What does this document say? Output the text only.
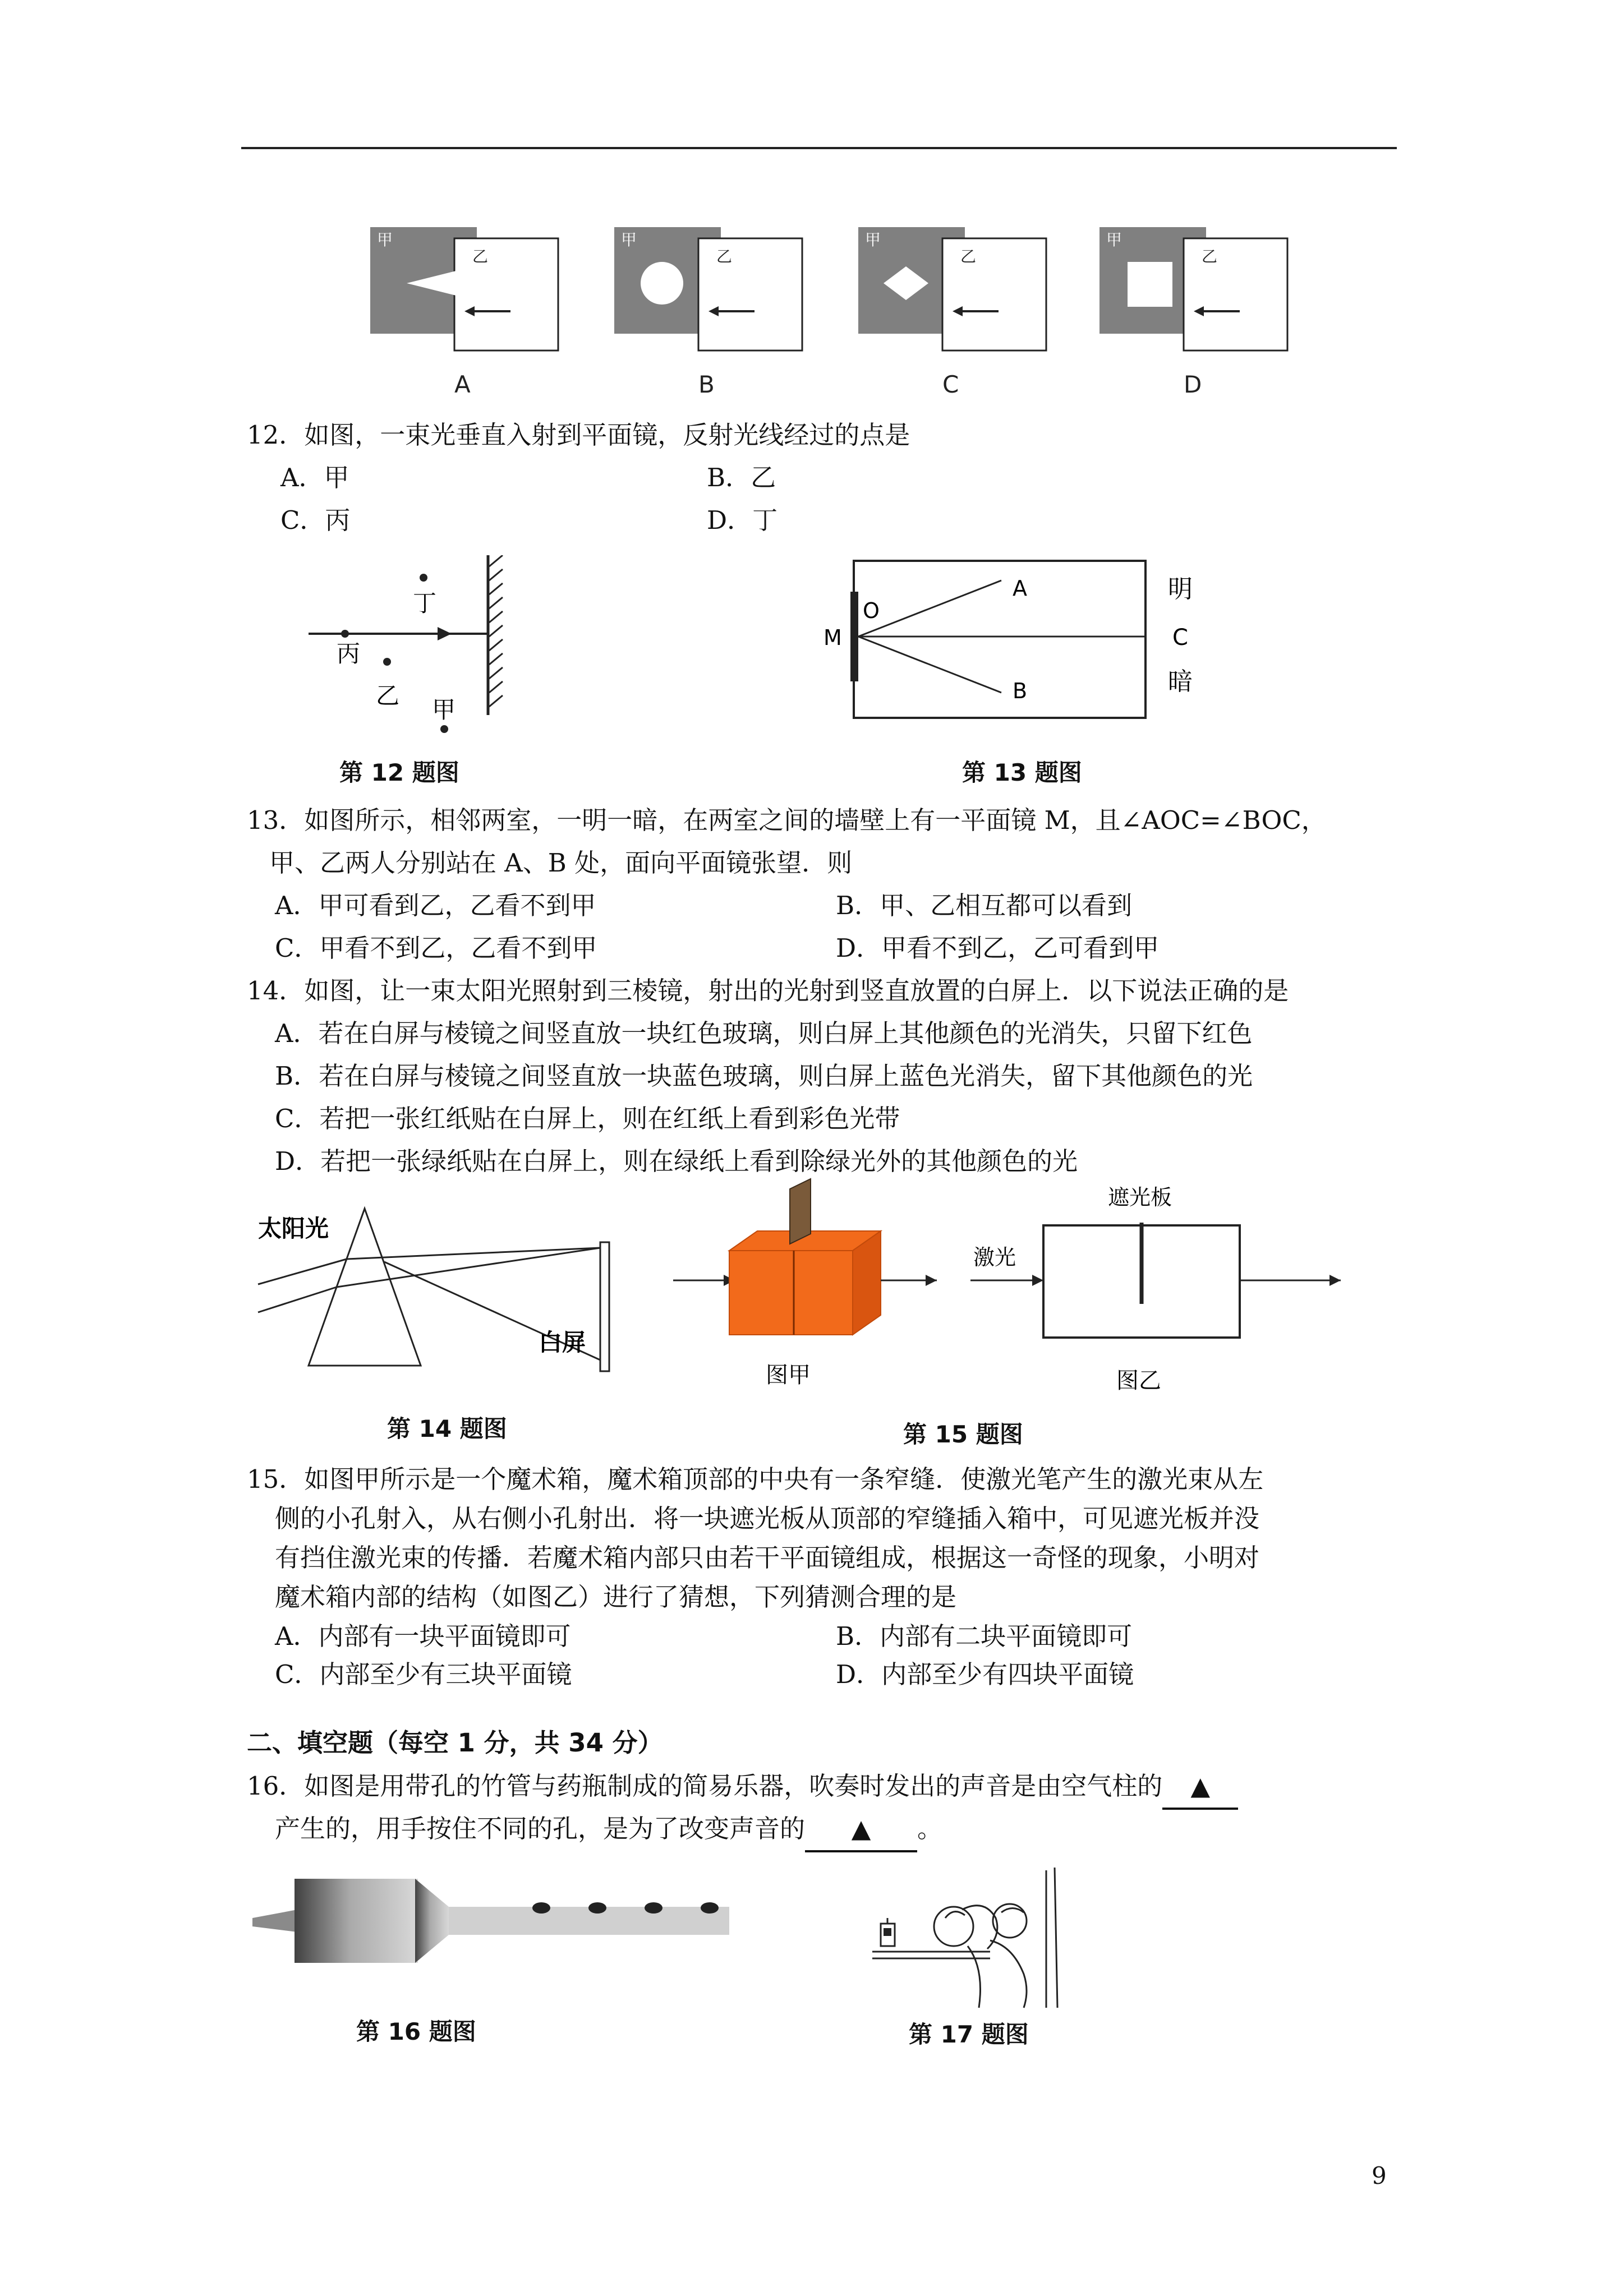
甲
乙
A
甲
乙
B
甲
乙
C
甲
乙
D
12．如图，一束光垂直入射到平面镜，反射光线经过的点是
A．甲	B．乙
C．丙	D．丁
丁
丙
乙
甲
第 12 题图
M
O
A
B
明
C
暗
第 13 题图
13．如图所示，相邻两室，一明一暗，在两室之间的墙壁上有一平面镜 M，且∠AOC=∠BOC，
甲、乙两人分别站在 A、B 处，面向平面镜张望．则
A．甲可看到乙，乙看不到甲	B．甲、乙相互都可以看到
C．甲看不到乙，乙看不到甲	D．甲看不到乙，乙可看到甲
14．如图，让一束太阳光照射到三棱镜，射出的光射到竖直放置的白屏上．以下说法正确的是
A．若在白屏与棱镜之间竖直放一块红色玻璃，则白屏上其他颜色的光消失，只留下红色
B．若在白屏与棱镜之间竖直放一块蓝色玻璃，则白屏上蓝色光消失，留下其他颜色的光
C．若把一张红纸贴在白屏上，则在红纸上看到彩色光带
D．若把一张绿纸贴在白屏上，则在绿纸上看到除绿光外的其他颜色的光
太阳光
白屏
第 14 题图
图甲
激光
遮光板
图乙
第 15 题图
15．如图甲所示是一个魔术箱，魔术箱顶部的中央有一条窄缝．使激光笔产生的激光束从左
侧的小孔射入，从右侧小孔射出．将一块遮光板从顶部的窄缝插入箱中，可见遮光板并没
有挡住激光束的传播．若魔术箱内部只由若干平面镜组成，根据这一奇怪的现象，小明对
魔术箱内部的结构（如图乙）进行了猜想，下列猜测合理的是
A．内部有一块平面镜即可	B．内部有二块平面镜即可
C．内部至少有三块平面镜	D．内部至少有四块平面镜
二、填空题（每空 1 分，共 34 分）
16．如图是用带孔的竹管与药瓶制成的简易乐器，吹奏时发出的声音是由空气柱的 ▲
产生的，用手按住不同的孔，是为了改变声音的 ▲ 。
第 16 题图	第 17 题图
9
